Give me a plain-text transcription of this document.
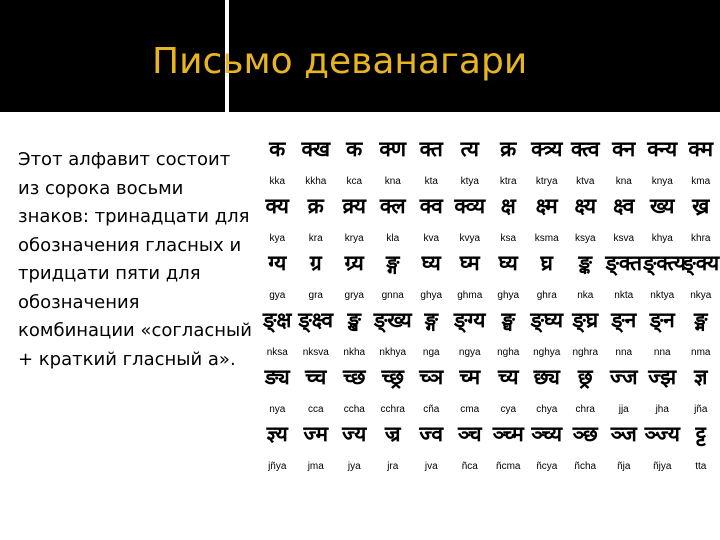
Письмо деванагари

Этот алфавит состоит из сорока восьми знаков: тринадцати для обозначения гласных и тридцати пяти для обозначения комбинации «согласный + краткий гласный а».

क
kka
क्ख
kkha
क
kca
क्ण
kna
क्त
kta
त्य
ktya
क्र
ktra
क्त्र्य
ktrya
क्त्व
ktva
क्न
kna
क्न्य
knya
क्म
kma
क्य
kya
क्र
kra
क्र्य
krya
क्ल
kla
क्व
kva
क्व्य
kvya
क्ष
ksa
क्ष्म
ksma
क्ष्य
ksya
क्ष्व
ksva
ख्य
khya
ख्र
khra
ग्य
gya
ग्र
gra
ग्र्य
grya
ङ्ग
gnna
घ्य
ghya
घ्म
ghma
घ्य
ghya
घ्र
ghra
ङ्क
nka
ङ्क्त
nkta
ङ्क्त्य
nktya
ङ्क्य
nkya
ङ्क्ष
nksa
ङ्क्ष्व
nksva
ङ्ख
nkha
ङ्ख्य
nkhya
ङ्ग
nga
ङ्ग्य
ngya
ङ्घ
ngha
ङ्घ्य
nghya
ङ्घ्र
nghra
ङ्न
nna
ङ्न
nna
ङ्म
nma
ङ्य
nya
च्च
cca
च्छ
ccha
च्छ्र
cchra
च्ञ
cña
च्म
cma
च्य
cya
छ्य
chya
छ्र
chra
ज्ज
jja
ज्झ
jha
ज्ञ
jña
ज्ञ्य
jñya
ज्म
jma
ज्य
jya
ज्र
jra
ज्व
jva
ञ्च
ñca
ञ्च्म
ñcma
ञ्च्य
ñcya
ञ्छ
ñcha
ञ्ज
ñja
ञ्ज्य
ñjya
ट्ट
tta
